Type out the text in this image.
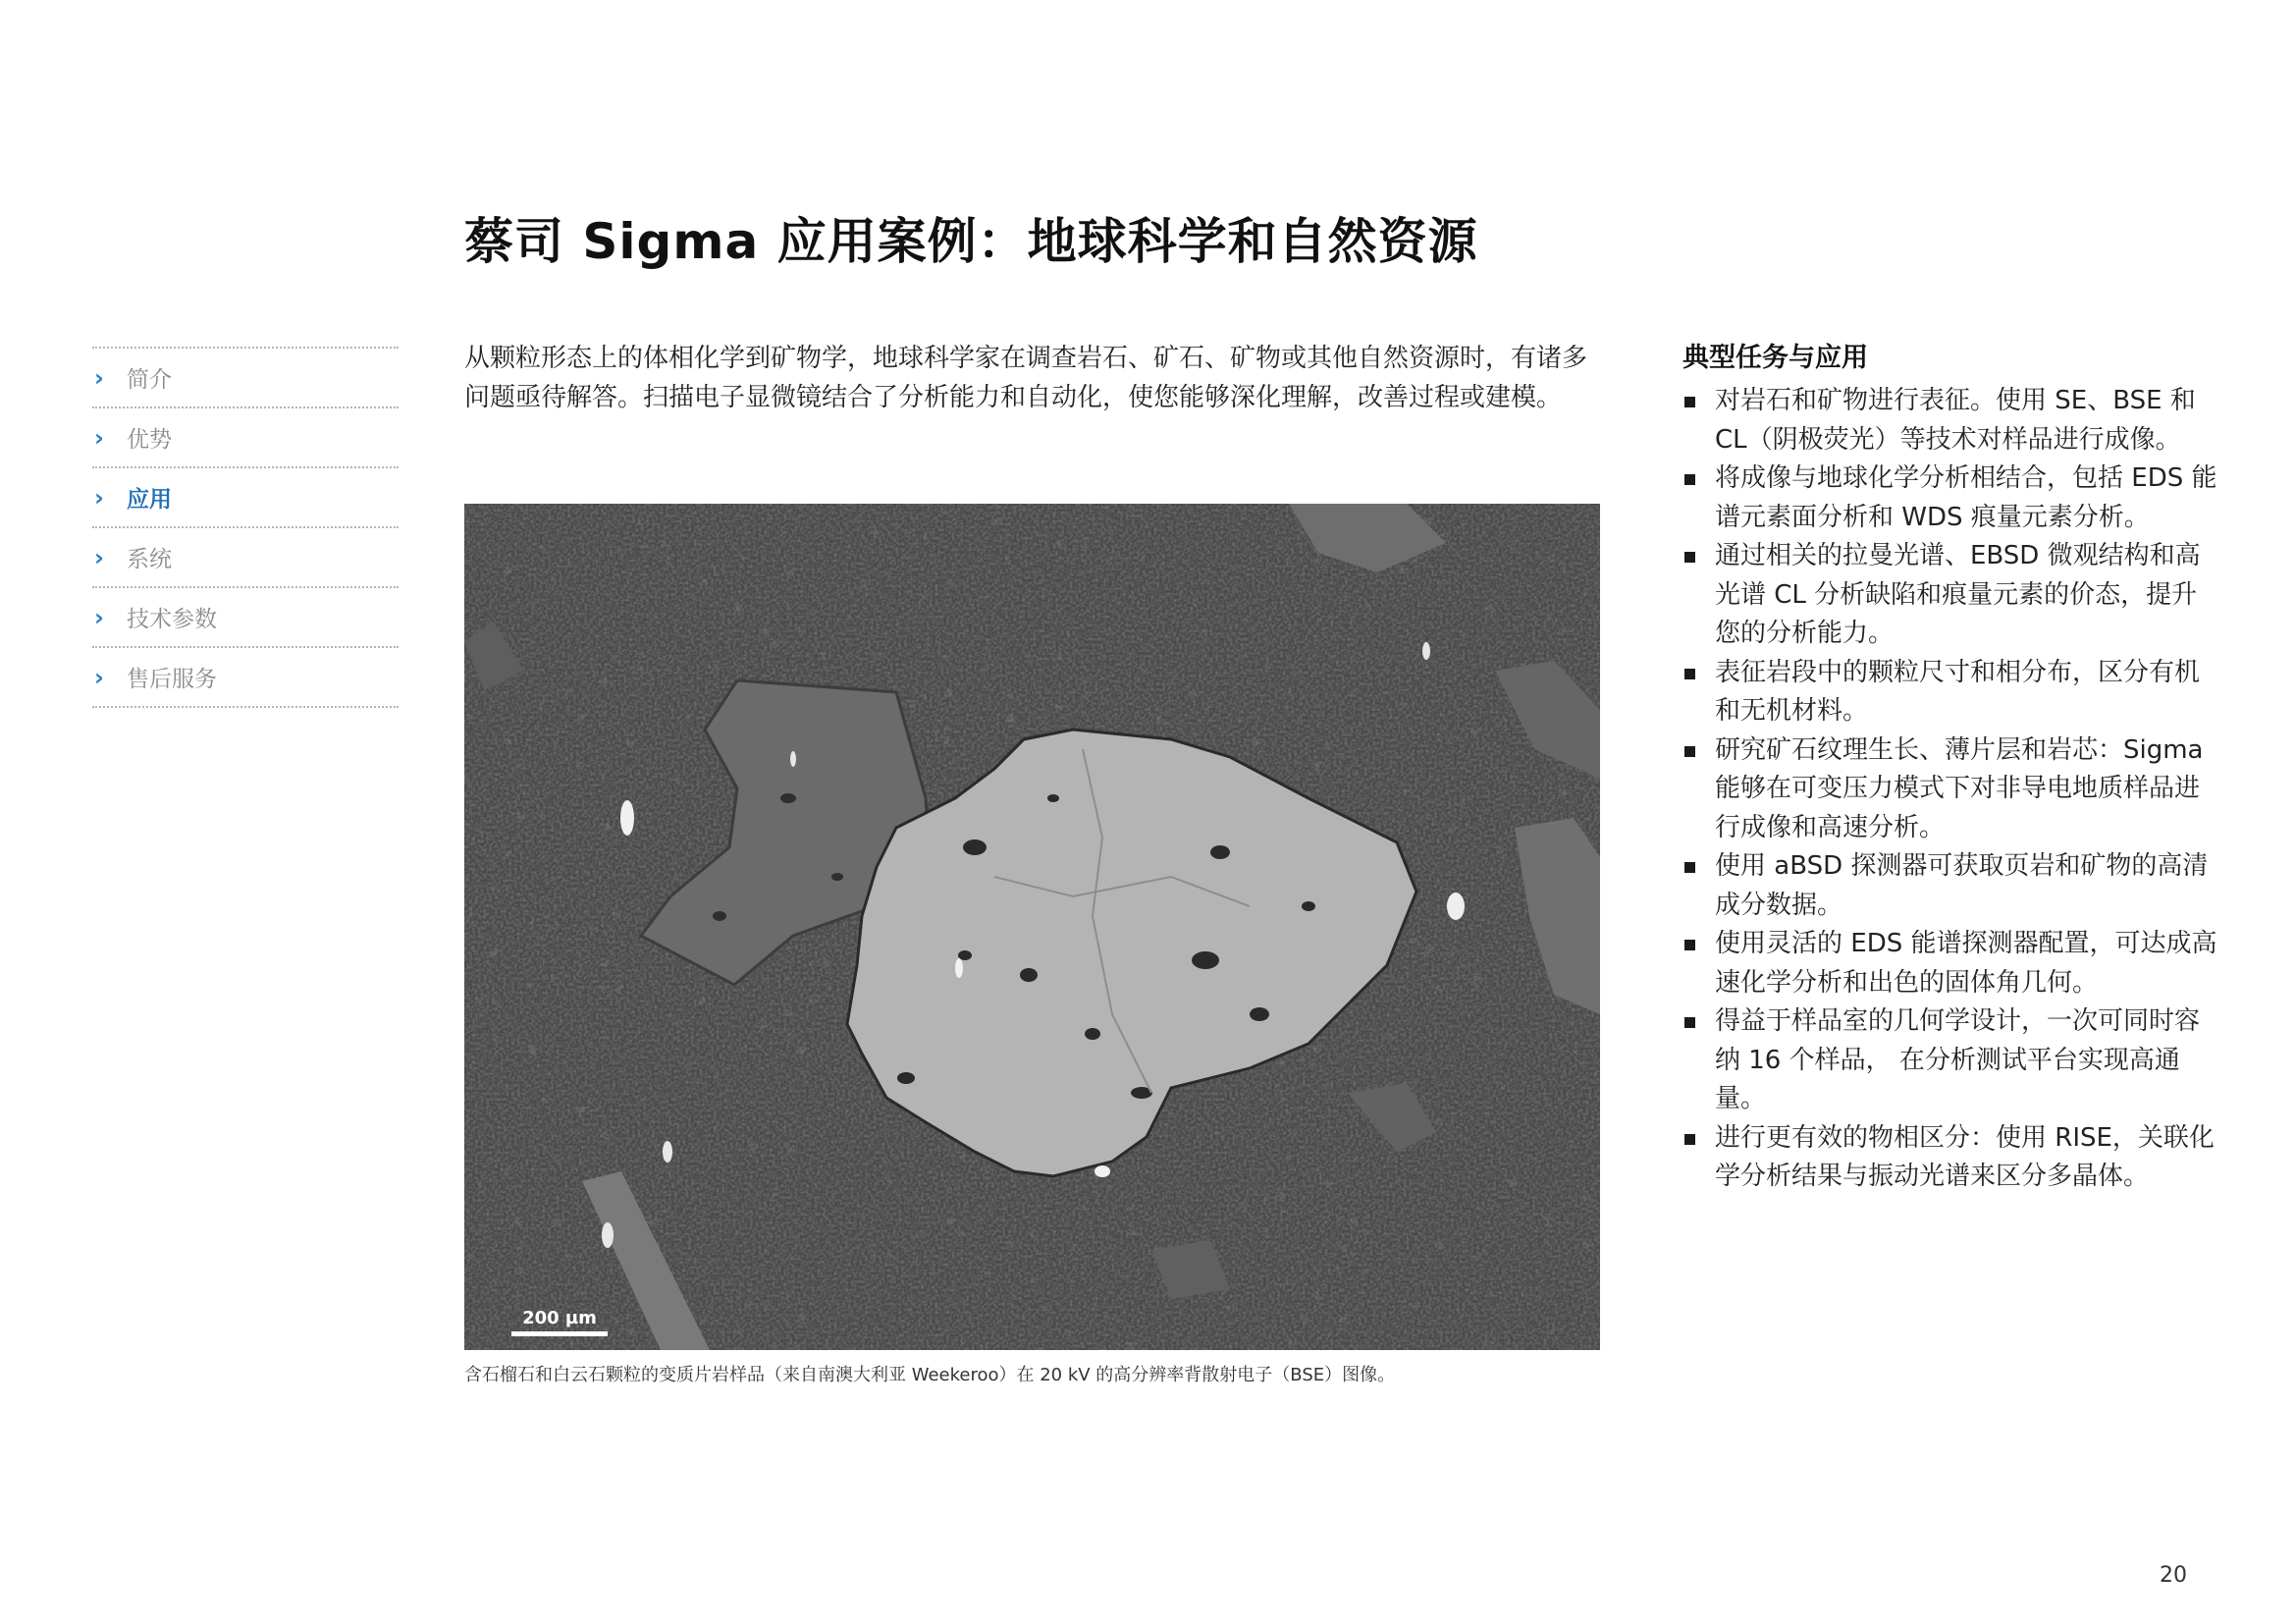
蔡司 Sigma 应用案例：地球科学和自然资源
›	简介
›	优势
›	应用
›	系统
›	技术参数
›	售后服务

从颗粒形态上的体相化学到矿物学，地球科学家在调查岩石、矿石、矿物或其他自然资源时，有诸多问题亟待解答。扫描电子显微镜结合了分析能力和自动化，使您能够深化理解，改善过程或建模。

200 µm
含石榴石和白云石颗粒的变质片岩样品（来自南澳大利亚 Weekeroo）在 20 kV 的高分辨率背散射电子（BSE）图像。
典型任务与应用
对岩石和矿物进行表征。使用 SE、BSE 和 CL（阴极荧光）等技术对样品进行成像。
将成像与地球化学分析相结合，包括 EDS 能谱元素面分析和 WDS 痕量元素分析。
通过相关的拉曼光谱、EBSD 微观结构和高光谱 CL 分析缺陷和痕量元素的价态，提升您的分析能力。
表征岩段中的颗粒尺寸和相分布，区分有机和无机材料。
研究矿石纹理生长、薄片层和岩芯：Sigma 能够在可变压力模式下对非导电地质样品进行成像和高速分析。
使用 aBSD 探测器可获取页岩和矿物的高清成分数据。
使用灵活的 EDS 能谱探测器配置，可达成高速化学分析和出色的固体角几何。
得益于样品室的几何学设计，一次可同时容纳 16 个样品， 在分析测试平台实现高通量。
进行更有效的物相区分：使用 RISE，关联化学分析结果与振动光谱来区分多晶体。
20
